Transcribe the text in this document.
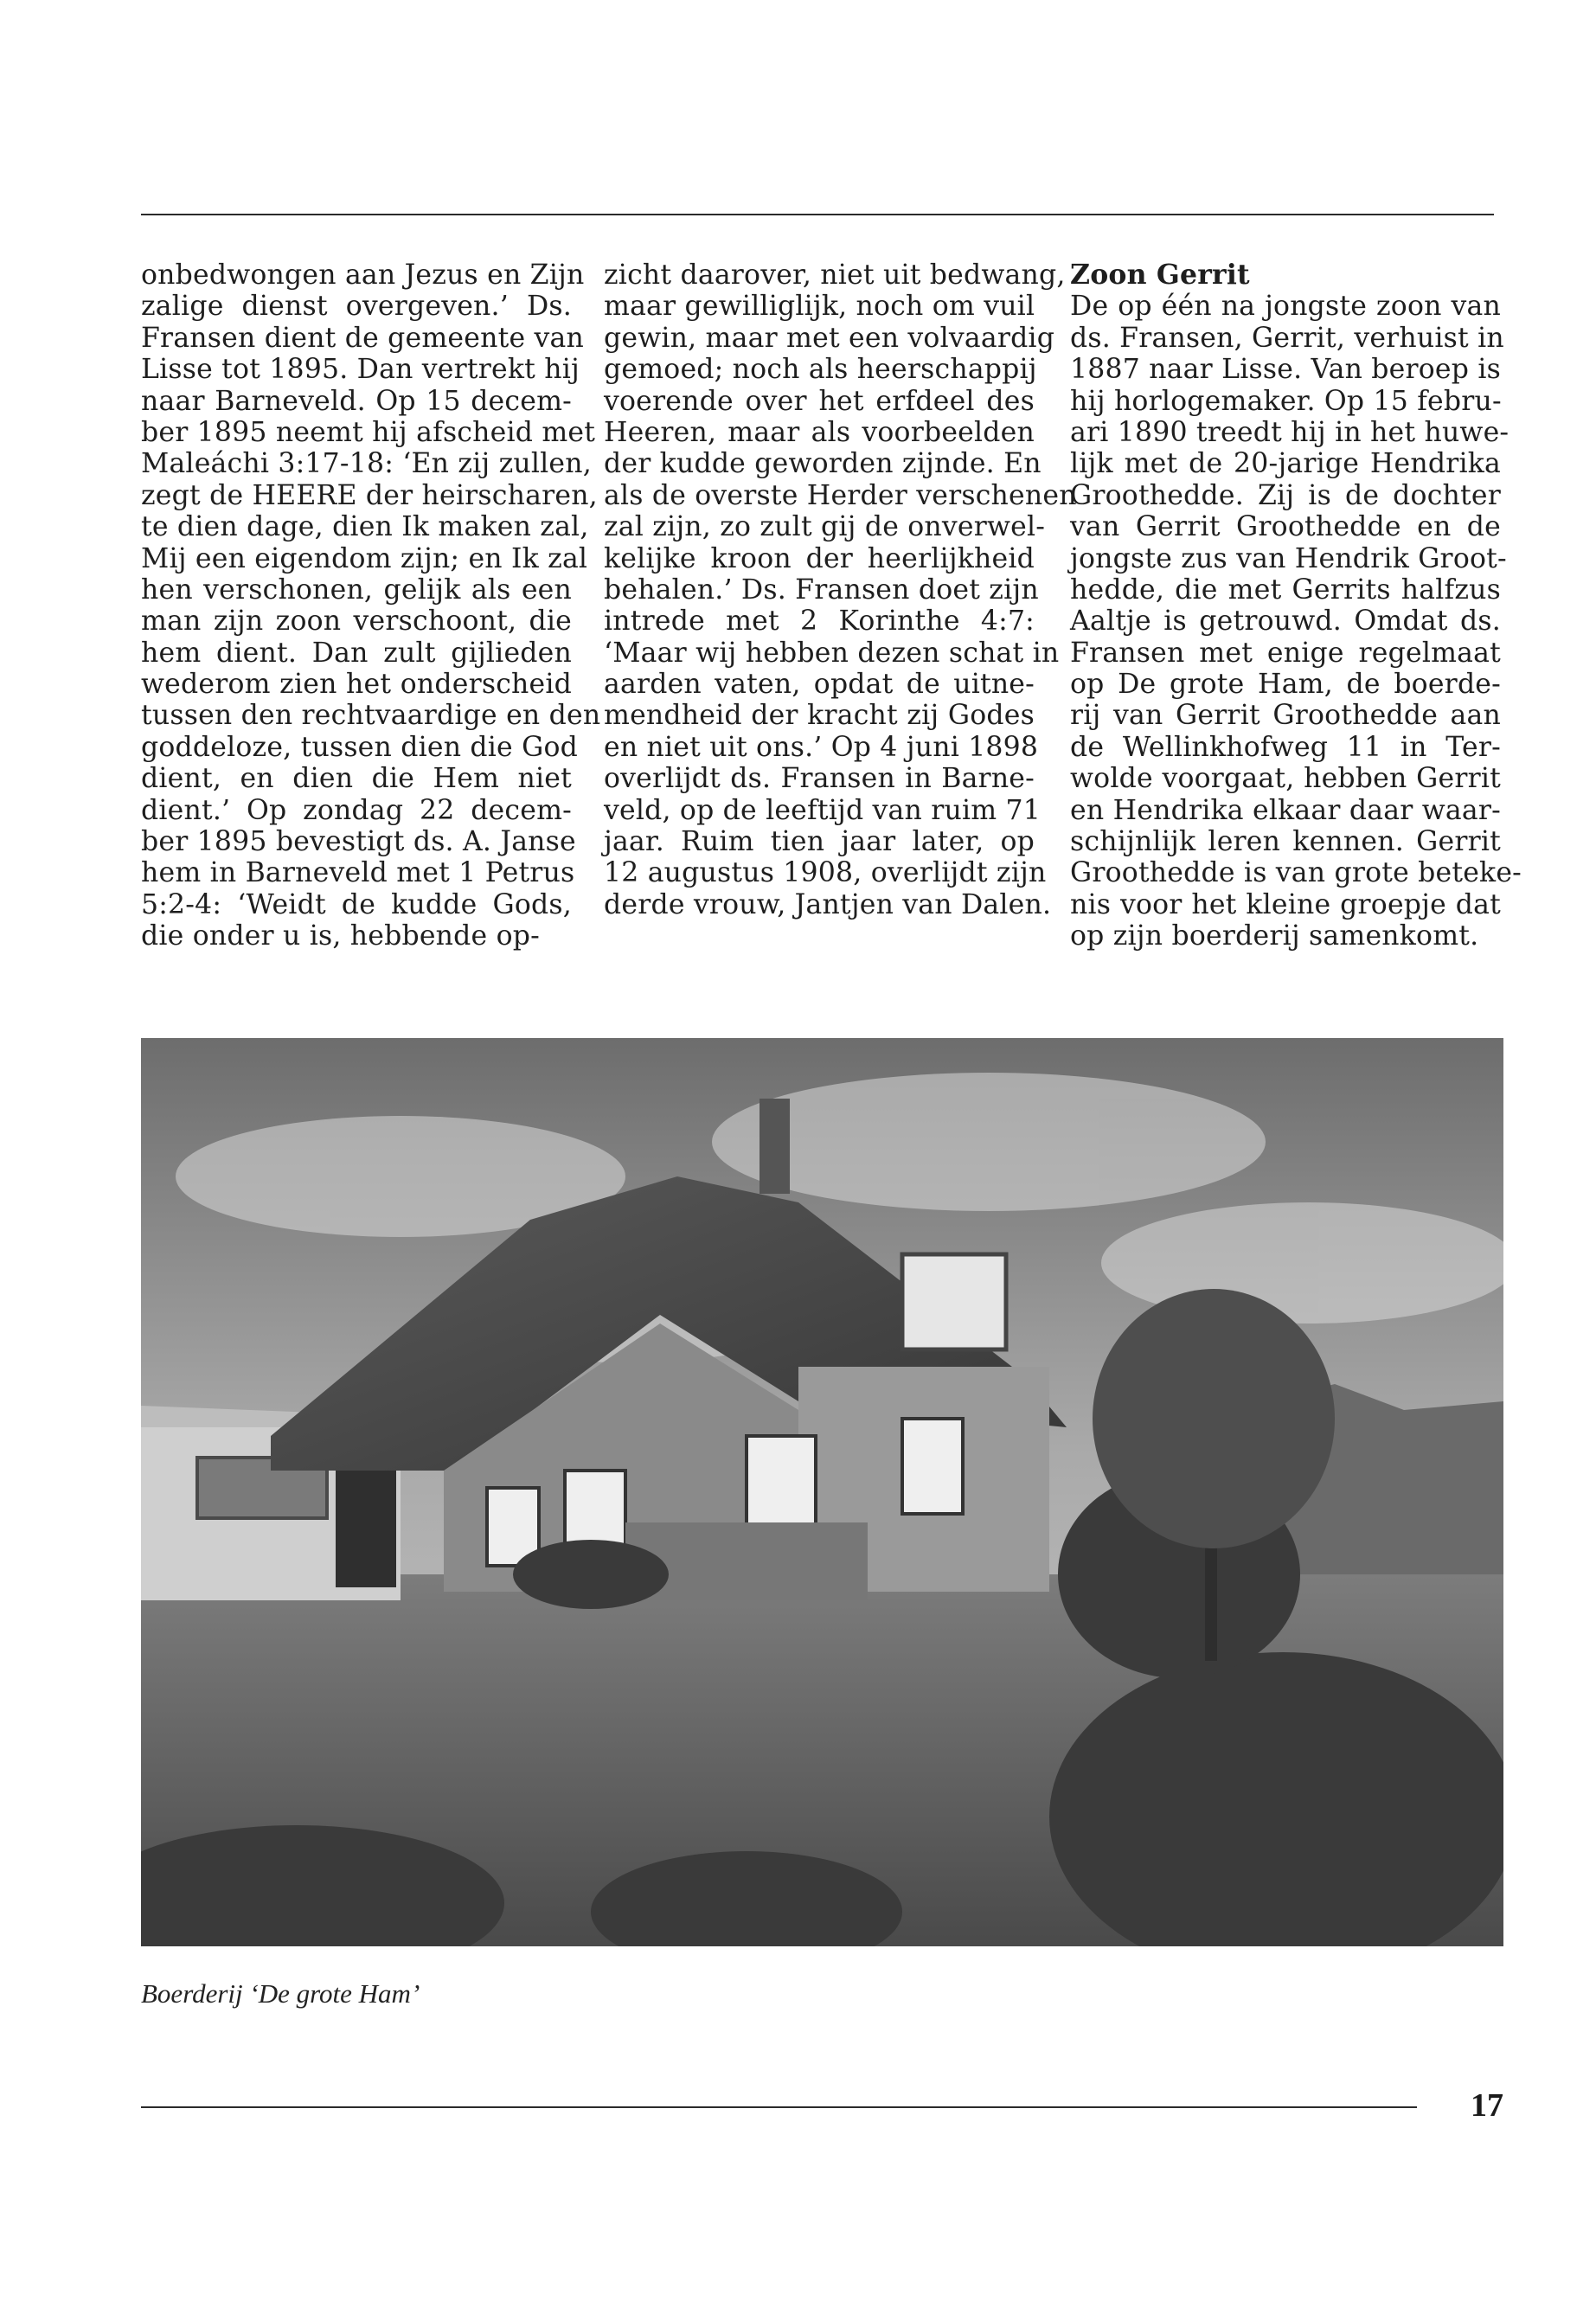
onbedwongen aan Jezus en Zijn
zalige dienst overgeven.’ Ds.
Fransen dient de gemeente van
Lisse tot 1895. Dan vertrekt hij
naar Barneveld. Op 15 decem-
ber 1895 neemt hij afscheid met
Maleáchi 3:17-18: ‘En zij zullen,
zegt de HEERE der heirscharen,
te dien dage, dien Ik maken zal,
Mij een eigendom zijn; en Ik zal
hen verschonen, gelijk als een
man zijn zoon verschoont, die
hem dient. Dan zult gijlieden
wederom zien het onderscheid
tussen den rechtvaardige en den
goddeloze, tussen dien die God
dient, en dien die Hem niet
dient.’ Op zondag 22 decem-
ber 1895 bevestigt ds. A. Janse
hem in Barneveld met 1 Petrus
5:2-4: ‘Weidt de kudde Gods,
die onder u is, hebbende op-
zicht daarover, niet uit bedwang,
maar gewilliglijk, noch om vuil
gewin, maar met een volvaardig
gemoed; noch als heerschappij
voerende over het erfdeel des
Heeren, maar als voorbeelden
der kudde geworden zijnde. En
als de overste Herder verschenen
zal zijn, zo zult gij de onverwel-
kelijke kroon der heerlijkheid
behalen.’ Ds. Fransen doet zijn
intrede met 2 Korinthe 4:7:
‘Maar wij hebben dezen schat in
aarden vaten, opdat de uitne-
mendheid der kracht zij Godes
en niet uit ons.’ Op 4 juni 1898
overlijdt ds. Fransen in Barne-
veld, op de leeftijd van ruim 71
jaar. Ruim tien jaar later, op
12 augustus 1908, overlijdt zijn
derde vrouw, Jantjen van Dalen.
Zoon Gerrit
De op één na jongste zoon van
ds. Fransen, Gerrit, verhuist in
1887 naar Lisse. Van beroep is
hij horlogemaker. Op 15 febru-
ari 1890 treedt hij in het huwe-
lijk met de 20-jarige Hendrika
Groothedde. Zij is de dochter
van Gerrit Groothedde en de
jongste zus van Hendrik Groot-
hedde, die met Gerrits halfzus
Aaltje is getrouwd. Omdat ds.
Fransen met enige regelmaat
op De grote Ham, de boerde-
rij van Gerrit Groothedde aan
de Wellinkhofweg 11 in Ter-
wolde voorgaat, hebben Gerrit
en Hendrika elkaar daar waar-
schijnlijk leren kennen. Gerrit
Groothedde is van grote beteke-
nis voor het kleine groepje dat
op zijn boerderij samenkomt.
Boerderij ‘De grote Ham’
17
